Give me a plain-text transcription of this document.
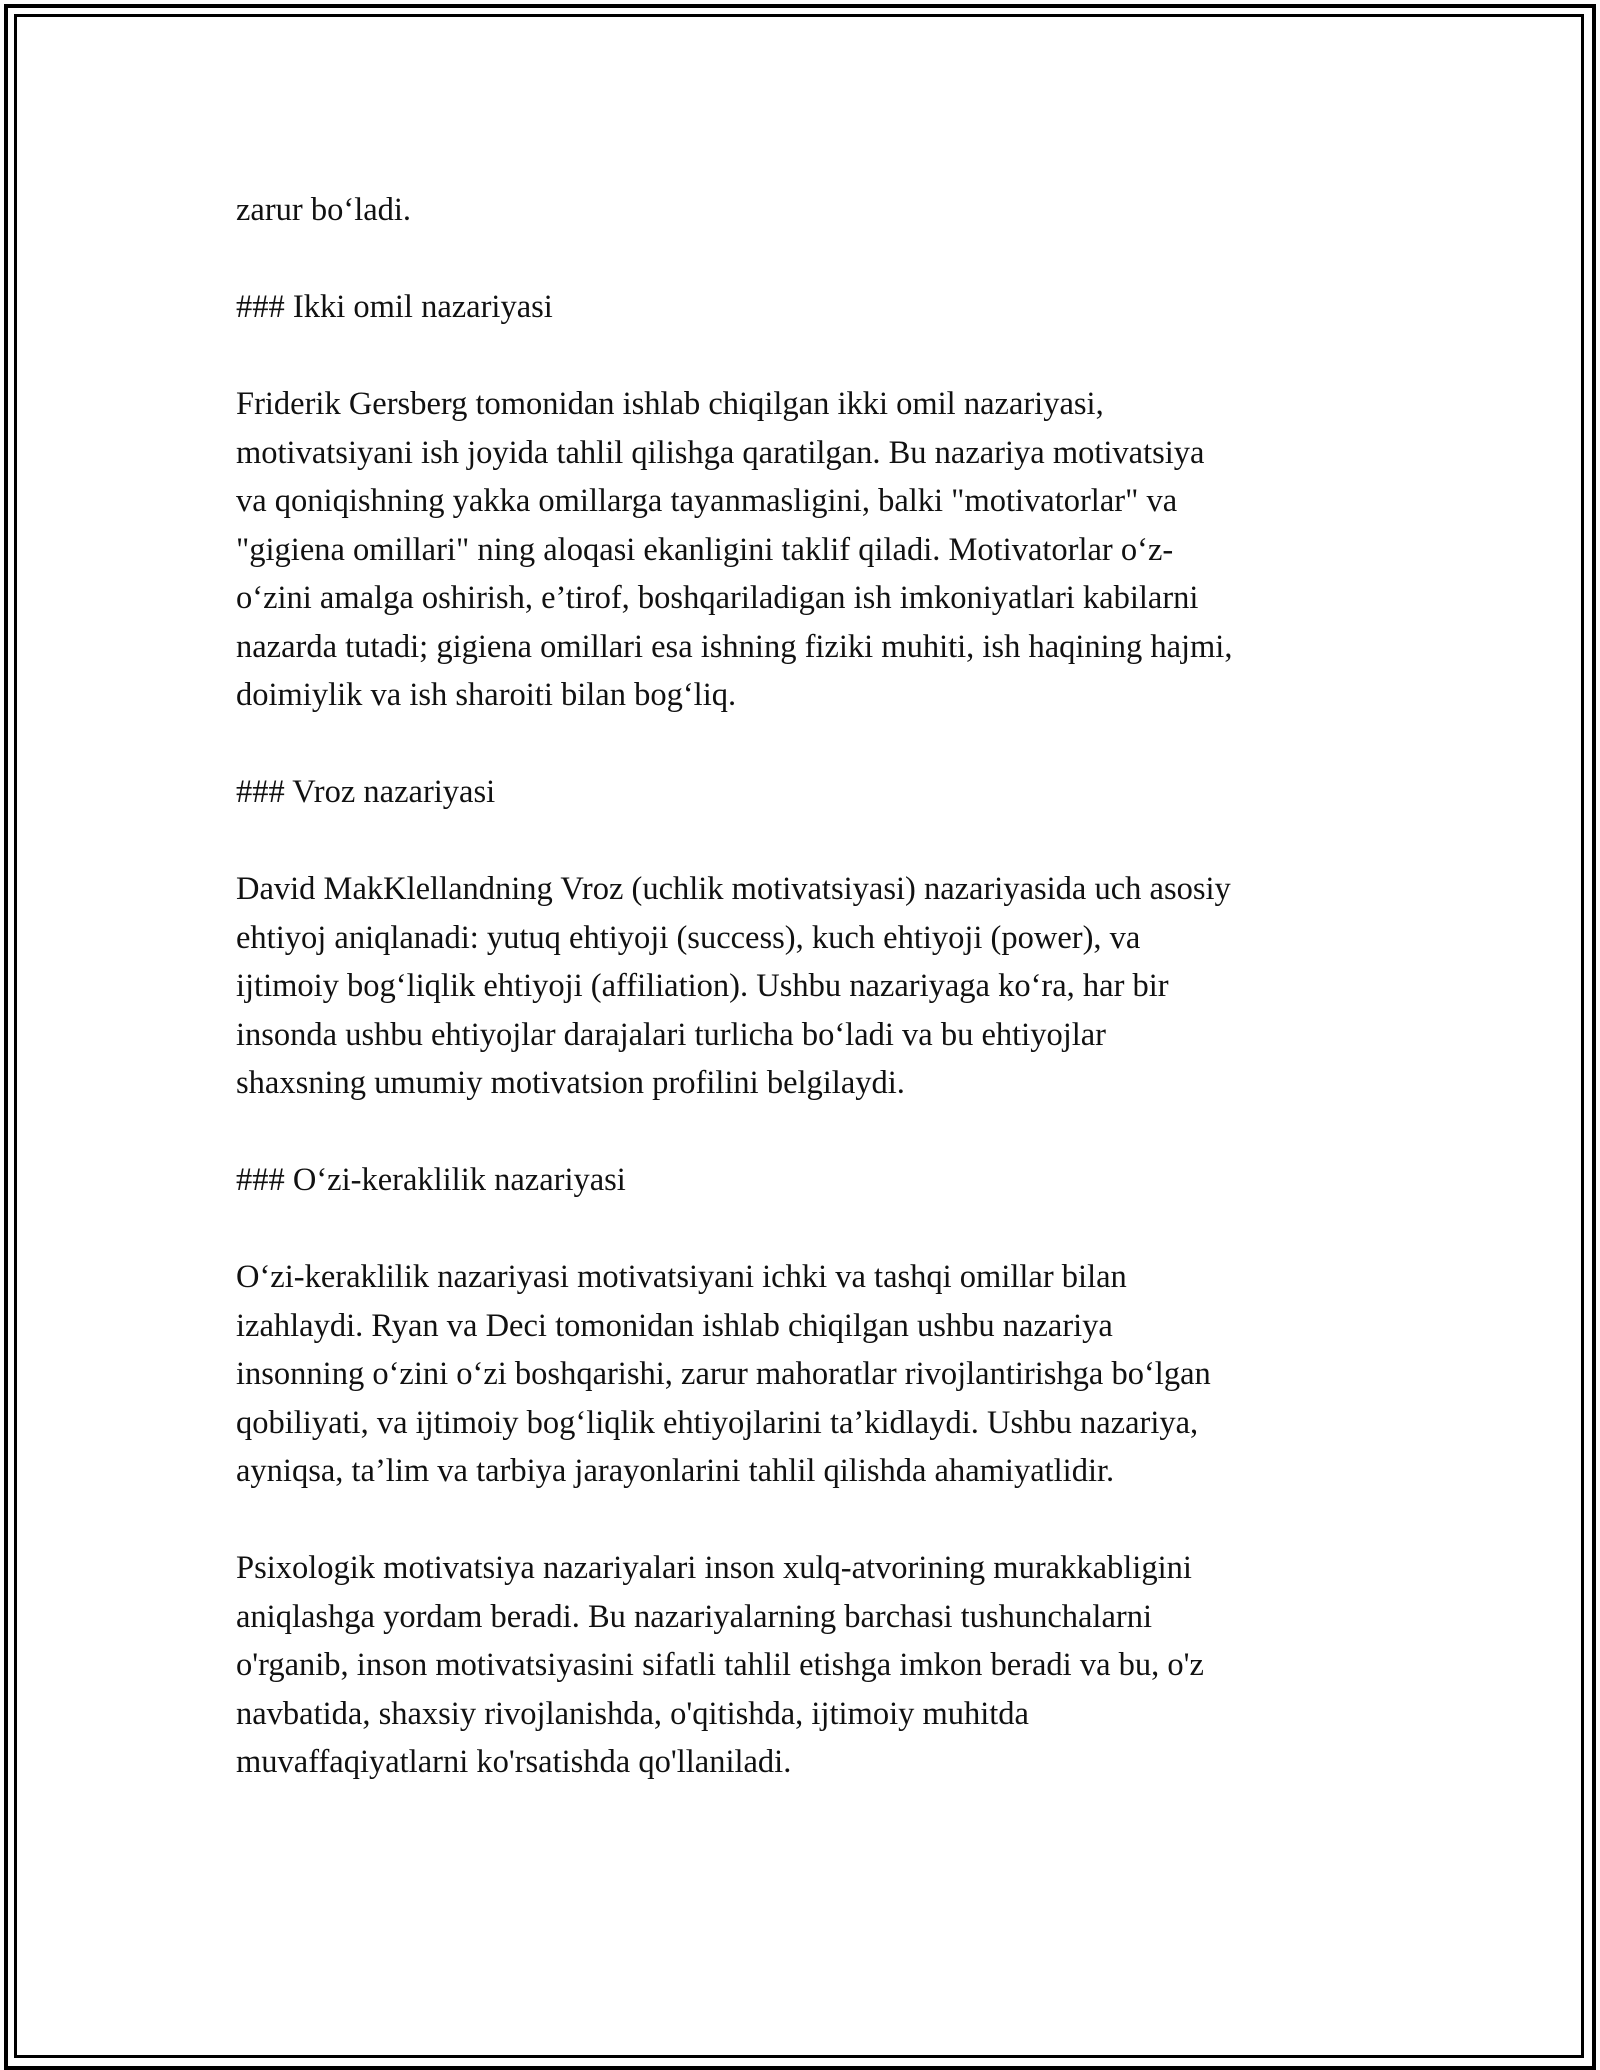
zarur bo‘ladi.
### Ikki omil nazariyasi
Friderik Gersberg tomonidan ishlab chiqilgan ikki omil nazariyasi,
motivatsiyani ish joyida tahlil qilishga qaratilgan. Bu nazariya motivatsiya
va qoniqishning yakka omillarga tayanmasligini, balki "motivatorlar" va
"gigiena omillari" ning aloqasi ekanligini taklif qiladi. Motivatorlar o‘z-
o‘zini amalga oshirish, e’tirof, boshqariladigan ish imkoniyatlari kabilarni
nazarda tutadi; gigiena omillari esa ishning fiziki muhiti, ish haqining hajmi,
doimiylik va ish sharoiti bilan bog‘liq.
### Vroz nazariyasi
David MakKlellandning Vroz (uchlik motivatsiyasi) nazariyasida uch asosiy
ehtiyoj aniqlanadi: yutuq ehtiyoji (success), kuch ehtiyoji (power), va
ijtimoiy bog‘liqlik ehtiyoji (affiliation). Ushbu nazariyaga ko‘ra, har bir
insonda ushbu ehtiyojlar darajalari turlicha bo‘ladi va bu ehtiyojlar
shaxsning umumiy motivatsion profilini belgilaydi.
### O‘zi-keraklilik nazariyasi
O‘zi-keraklilik nazariyasi motivatsiyani ichki va tashqi omillar bilan
izahlaydi. Ryan va Deci tomonidan ishlab chiqilgan ushbu nazariya
insonning o‘zini o‘zi boshqarishi, zarur mahoratlar rivojlantirishga bo‘lgan
qobiliyati, va ijtimoiy bog‘liqlik ehtiyojlarini ta’kidlaydi. Ushbu nazariya,
ayniqsa, ta’lim va tarbiya jarayonlarini tahlil qilishda ahamiyatlidir.
Psixologik motivatsiya nazariyalari inson xulq-atvorining murakkabligini
aniqlashga yordam beradi. Bu nazariyalarning barchasi tushunchalarni
o'rganib, inson motivatsiyasini sifatli tahlil etishga imkon beradi va bu, o'z
navbatida, shaxsiy rivojlanishda, o'qitishda, ijtimoiy muhitda
muvaffaqiyatlarni ko'rsatishda qo'llaniladi.
